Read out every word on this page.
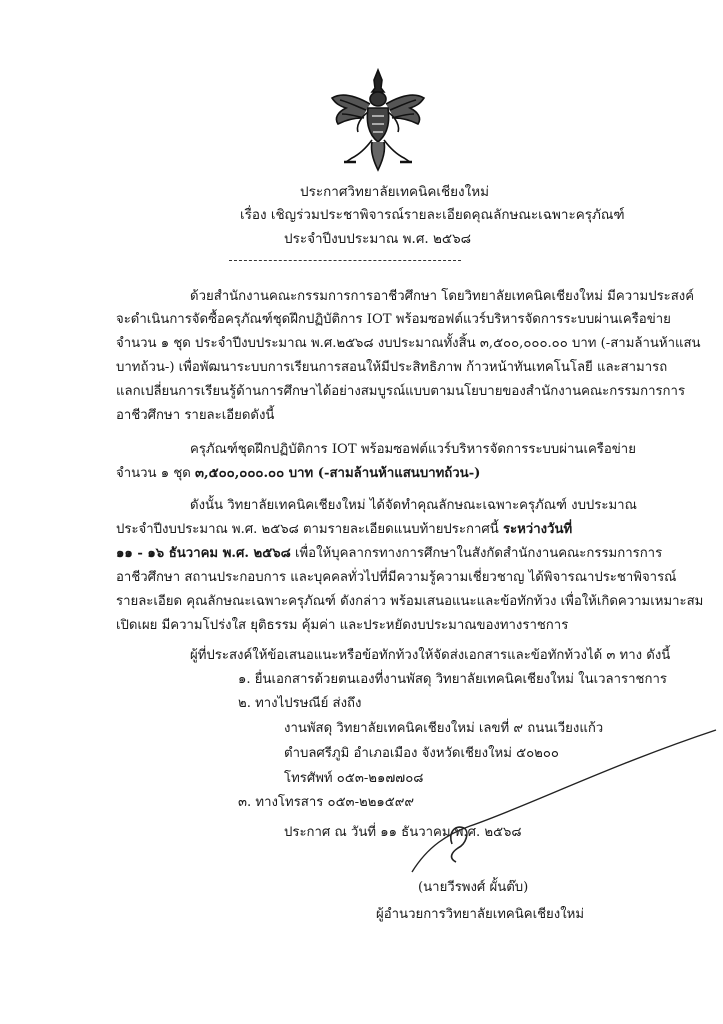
ประกาศวิทยาลัยเทคนิคเชียงใหม่
เรื่อง เชิญร่วมประชาพิจารณ์รายละเอียดคุณลักษณะเฉพาะครุภัณฑ์
ประจำปีงบประมาณ พ.ศ. ๒๕๖๘
ด้วยสำนักงานคณะกรรมการการอาชีวศึกษา โดยวิทยาลัยเทคนิคเชียงใหม่ มีความประสงค์
จะดำเนินการจัดซื้อครุภัณฑ์ชุดฝึกปฏิบัติการ IOT พร้อมซอฟต์แวร์บริหารจัดการระบบผ่านเครือข่าย
จำนวน ๑ ชุด ประจำปีงบประมาณ พ.ศ.๒๕๖๘ งบประมาณทั้งสิ้น ๓,๕๐๐,๐๐๐.๐๐ บาท (-สามล้านห้าแสน
บาทถ้วน-) เพื่อพัฒนาระบบการเรียนการสอนให้มีประสิทธิภาพ ก้าวหน้าทันเทคโนโลยี และสามารถ
แลกเปลี่ยนการเรียนรู้ด้านการศึกษาได้อย่างสมบูรณ์แบบตามนโยบายของสำนักงานคณะกรรมการการ
อาชีวศึกษา รายละเอียดดังนี้
ครุภัณฑ์ชุดฝึกปฏิบัติการ IOT พร้อมซอฟต์แวร์บริหารจัดการระบบผ่านเครือข่าย
จำนวน ๑ ชุด ๓,๕๐๐,๐๐๐.๐๐ บาท (-สามล้านห้าแสนบาทถ้วน-)
ดังนั้น วิทยาลัยเทคนิคเชียงใหม่ ได้จัดทำคุณลักษณะเฉพาะครุภัณฑ์ งบประมาณ
ประจำปีงบประมาณ พ.ศ. ๒๕๖๘ ตามรายละเอียดแนบท้ายประกาศนี้ ระหว่างวันที่
๑๑ - ๑๖ ธันวาคม พ.ศ. ๒๕๖๘ เพื่อให้บุคลากรทางการศึกษาในสังกัดสำนักงานคณะกรรมการการ
อาชีวศึกษา สถานประกอบการ และบุคคลทั่วไปที่มีความรู้ความเชี่ยวชาญ ได้พิจารณาประชาพิจารณ์
รายละเอียด คุณลักษณะเฉพาะครุภัณฑ์ ดังกล่าว พร้อมเสนอแนะและข้อทักท้วง เพื่อให้เกิดความเหมาะสม
เปิดเผย มีความโปร่งใส ยุติธรรม คุ้มค่า และประหยัดงบประมาณของทางราชการ
ผู้ที่ประสงค์ให้ข้อเสนอแนะหรือข้อทักท้วงให้จัดส่งเอกสารและข้อทักท้วงได้ ๓ ทาง ดังนี้
๑. ยื่นเอกสารด้วยตนเองที่งานพัสดุ วิทยาลัยเทคนิคเชียงใหม่ ในเวลาราชการ
๒. ทางไปรษณีย์ ส่งถึง
งานพัสดุ วิทยาลัยเทคนิคเชียงใหม่ เลขที่ ๙ ถนนเวียงแก้ว
ตำบลศรีภูมิ อำเภอเมือง จังหวัดเชียงใหม่ ๕๐๒๐๐
โทรศัพท์ ๐๕๓-๒๑๗๗๐๘
๓. ทางโทรสาร ๐๕๓-๒๒๑๕๙๙
ประกาศ ณ วันที่ ๑๑ ธันวาคม พ.ศ. ๒๕๖๘
(นายวีรพงศ์ ผั้นต๊บ)
ผู้อำนวยการวิทยาลัยเทคนิคเชียงใหม่
